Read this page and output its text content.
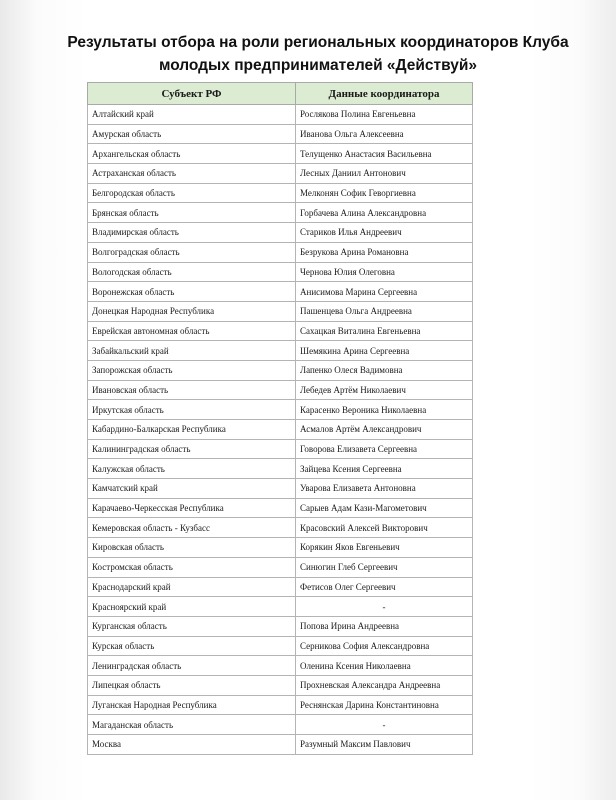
Результаты отбора на роли региональных координаторов Клуба
молодых предпринимателей «Действуй»
Субъект РФ	Данные координатора
Алтайский край	Рослякова Полина Евгеньевна
Амурская область	Иванова Ольга Алексеевна
Архангельская область	Телущенко Анастасия Васильевна
Астраханская область	Лесных Даниил Антонович
Белгородская область	Мелконян Софик Геворгиевна
Брянская область	Горбачева Алина Александровна
Владимирская область	Стариков Илья Андреевич
Волгоградская область	Безрукова Арина Романовна
Вологодская область	Чернова Юлия Олеговна
Воронежская область	Анисимова Марина Сергеевна
Донецкая Народная Республика	Пашенцева Ольга Андреевна
Еврейская автономная область	Сахацкая Виталина Евгеньевна
Забайкальский край	Шемякина Арина Сергеевна
Запорожская область	Лапенко Олеся Вадимовна
Ивановская область	Лебедев Артём Николаевич
Иркутская область	Карасенко Вероника Николаевна
Кабардино-Балкарская Республика	Асмалов Артём Александрович
Калининградская область	Говорова Елизавета Сергеевна
Калужская область	Зайцева Ксения Сергеевна
Камчатский край	Уварова Елизавета Антоновна
Карачаево-Черкесская Республика	Сарыев Адам Кази-Магометович
Кемеровская область - Кузбасс	Красовский Алексей Викторович
Кировская область	Корякин Яков Евгеньевич
Костромская область	Синюгин Глеб Сергеевич
Краснодарский край	Фетисов Олег Сергеевич
Красноярский край	-
Курганская область	Попова Ирина Андреевна
Курская область	Серникова София Александровна
Ленинградская область	Оленина Ксения Николаевна
Липецкая область	Прохневская Александра Андреевна
Луганская Народная Республика	Реснянская Дарина Константиновна
Магаданская область	-
Москва	Разумный Максим Павлович
